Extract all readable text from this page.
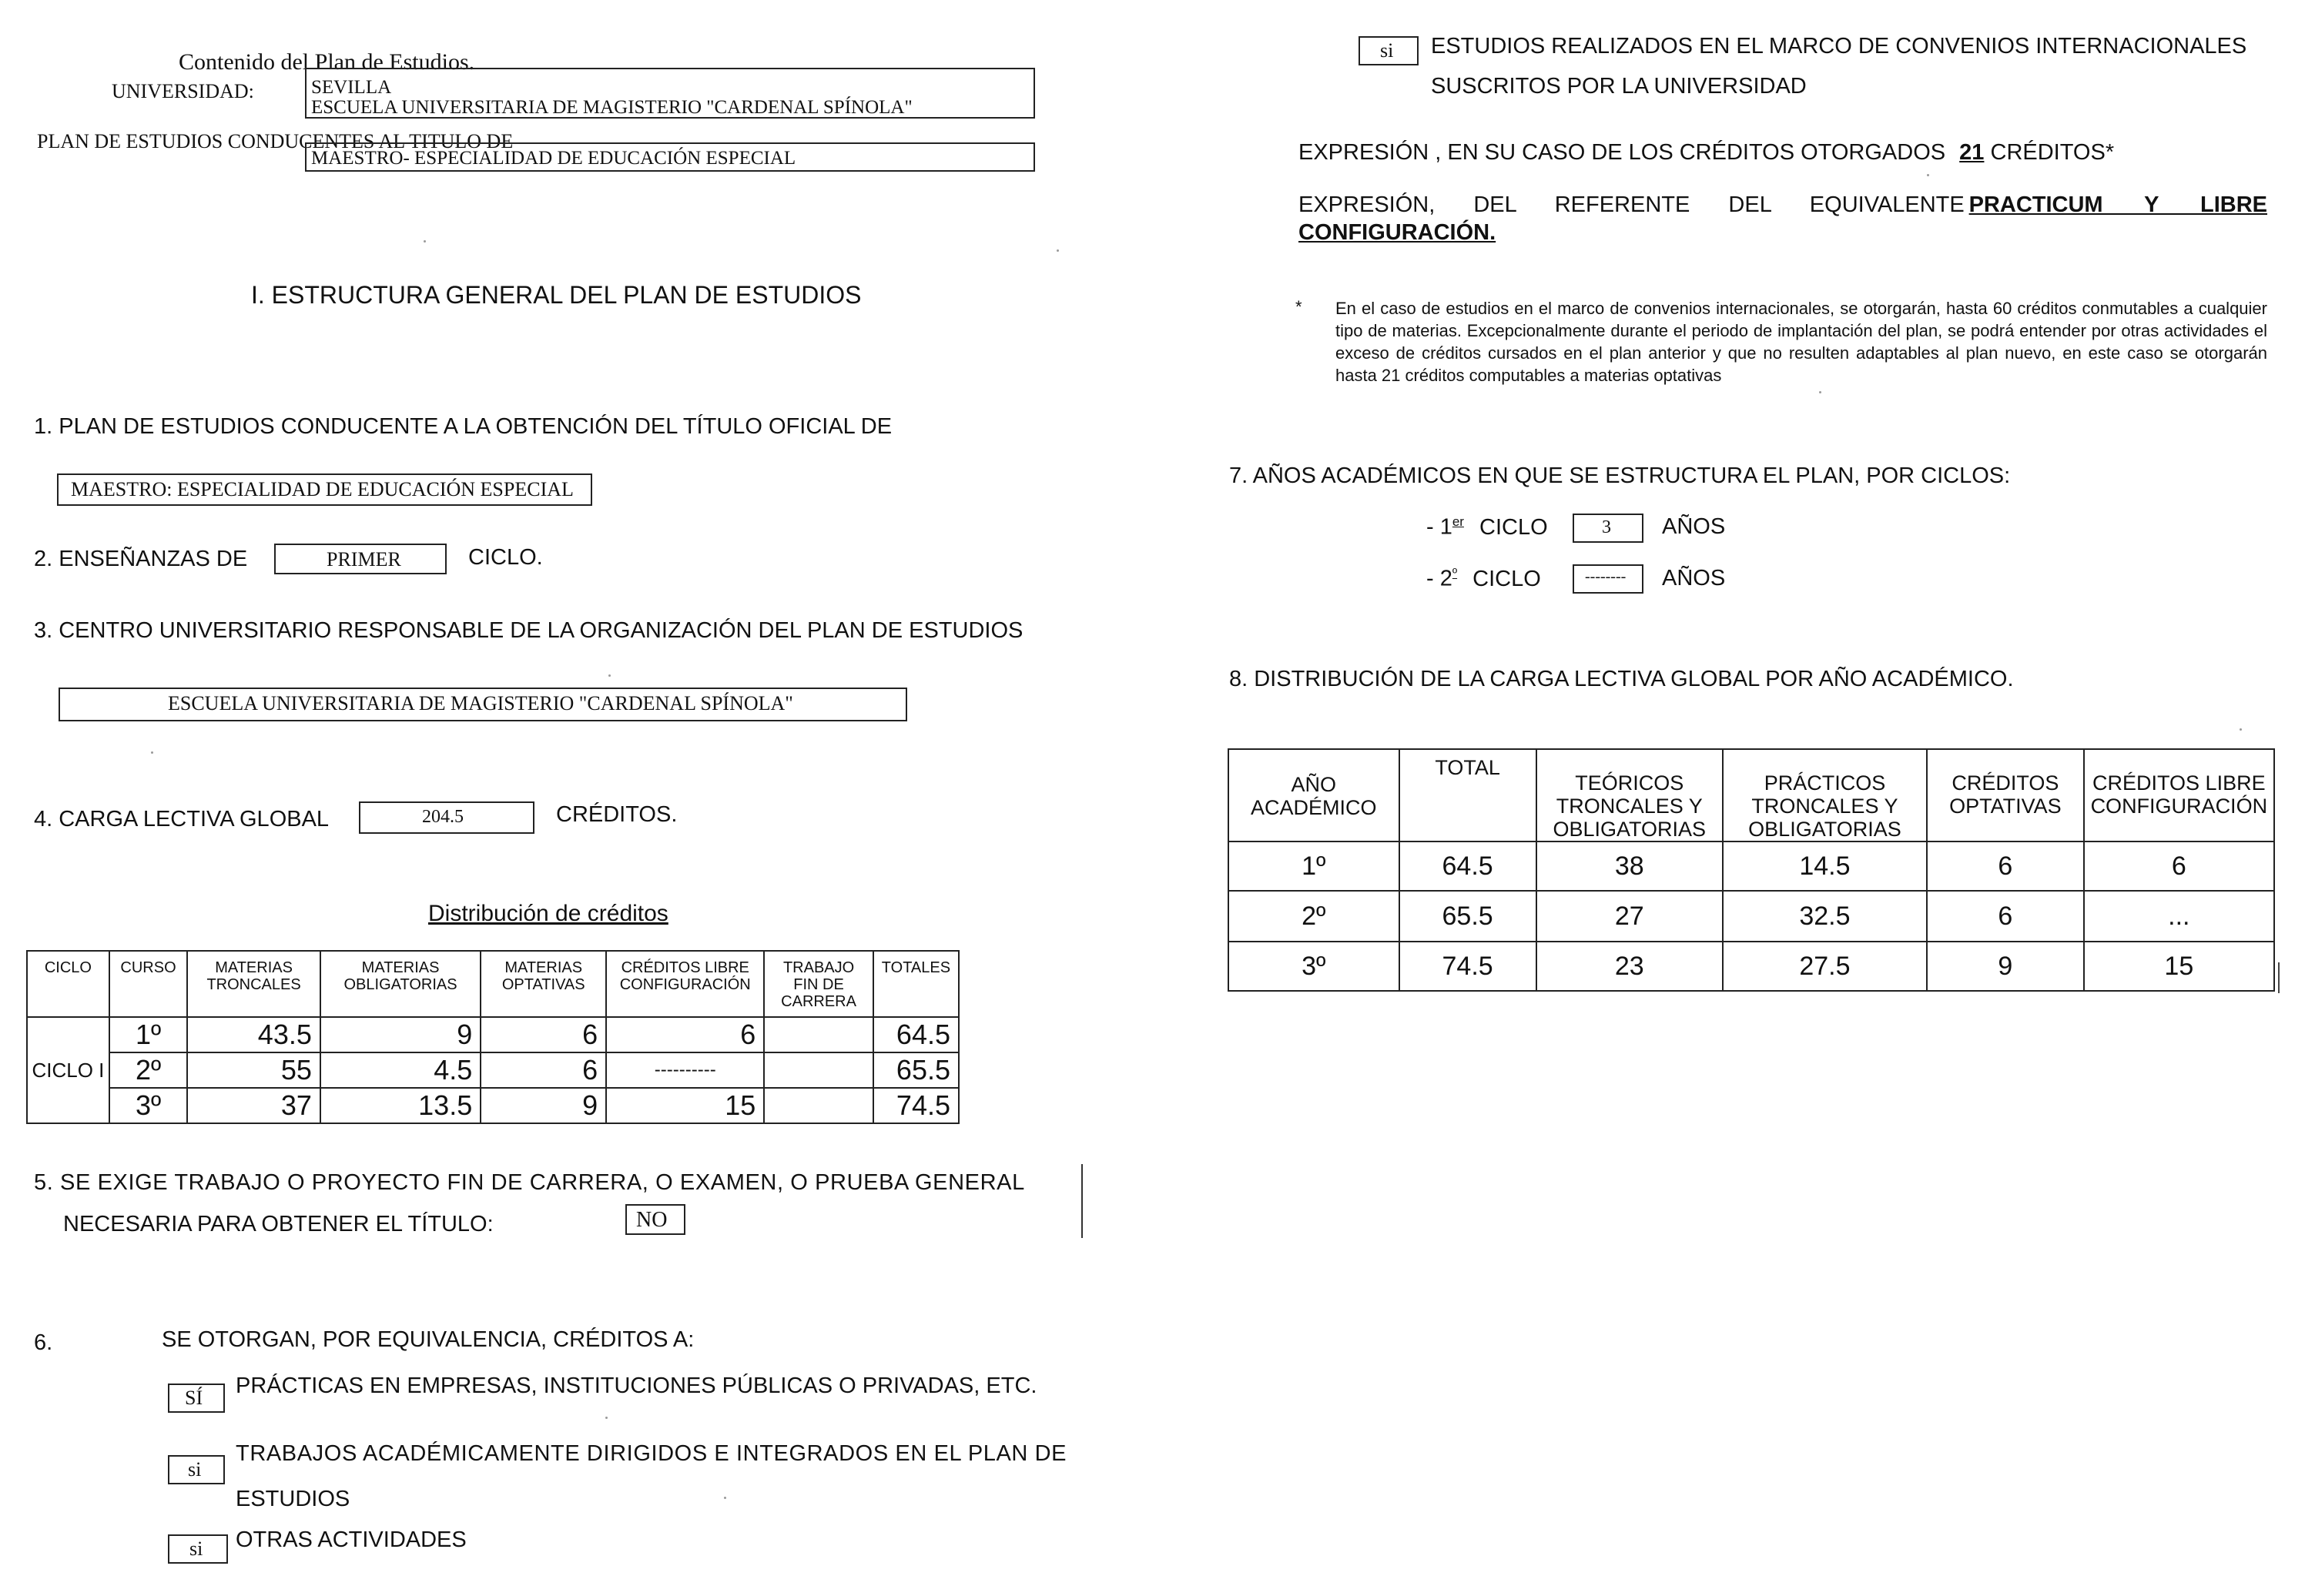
Contenido del Plan de Estudios.
UNIVERSIDAD:	SEVILLA
ESCUELA UNIVERSITARIA DE MAGISTERIO "CARDENAL SPÍNOLA"
PLAN DE ESTUDIOS CONDUCENTES AL TITULO DE
MAESTRO- ESPECIALIDAD DE EDUCACIÓN ESPECIAL
I. ESTRUCTURA GENERAL DEL PLAN DE ESTUDIOS
1. PLAN DE ESTUDIOS CONDUCENTE A LA OBTENCIÓN DEL TÍTULO OFICIAL DE
MAESTRO: ESPECIALIDAD DE EDUCACIÓN ESPECIAL
2. ENSEÑANZAS DE	PRIMER	CICLO.
3. CENTRO UNIVERSITARIO RESPONSABLE DE LA ORGANIZACIÓN DEL PLAN DE ESTUDIOS
ESCUELA UNIVERSITARIA DE MAGISTERIO "CARDENAL SPÍNOLA"
4. CARGA LECTIVA GLOBAL	204.5	CRÉDITOS.
Distribución de créditos
CICLO	CURSO	MATERIAS TRONCALES	MATERIAS OBLIGATORIAS	MATERIAS OPTATIVAS	CRÉDITOS LIBRE CONFIGURACIÓN	TRABAJO FIN DE CARRERA	TOTALES
CICLO I	1º	43.5	9	6	6		64.5
	2º	55	4.5	6	----------		65.5
	3º	37	13.5	9	15		74.5
5. SE EXIGE TRABAJO O PROYECTO FIN DE CARRERA, O EXAMEN, O PRUEBA GENERAL
NECESARIA PARA OBTENER EL TÍTULO:	NO
6.	SE OTORGAN, POR EQUIVALENCIA, CRÉDITOS A:
SÍ PRÁCTICAS EN EMPRESAS, INSTITUCIONES PÚBLICAS O PRIVADAS, ETC.
si
TRABAJOS ACADÉMICAMENTE DIRIGIDOS E INTEGRADOS EN EL PLAN DE
ESTUDIOS
si OTRAS ACTIVIDADES
si ESTUDIOS REALIZADOS EN EL MARCO DE CONVENIOS INTERNACIONALES
SUSCRITOS POR LA UNIVERSIDAD
EXPRESIÓN , EN SU CASO DE LOS CRÉDITOS OTORGADOS 21 CRÉDITOS*
EXPRESIÓN, DEL REFERENTE DEL EQUIVALENTE PRACTICUM Y LIBRE
CONFIGURACIÓN.
* En el caso de estudios en el marco de convenios internacionales, se otorgarán, hasta 60 créditos conmutables a cualquier tipo de materias. Excepcionalmente durante el periodo de implantación del plan, se podrá entender por otras actividades el exceso de créditos cursados en el plan anterior y que no resulten adaptables al plan nuevo, en este caso se otorgarán hasta 21 créditos computables a materias optativas
7. AÑOS ACADÉMICOS EN QUE SE ESTRUCTURA EL PLAN, POR CICLOS:
- 1er CICLO	3 AÑOS
- $2^º$ CICLO	-------- AÑOS
8. DISTRIBUCIÓN DE LA CARGA LECTIVA GLOBAL POR AÑO ACADÉMICO.
AÑO ACADÉMICO	TOTAL	TEÓRICOS TRONCALES Y OBLIGATORIAS	PRÁCTICOS TRONCALES Y OBLIGATORIAS	CRÉDITOS OPTATIVAS	CRÉDITOS LIBRE CONFIGURACIÓN
1º	64.5	38	14.5	6	6
2º	65.5	27	32.5	6	...
3º	74.5	23	27.5	9	15
